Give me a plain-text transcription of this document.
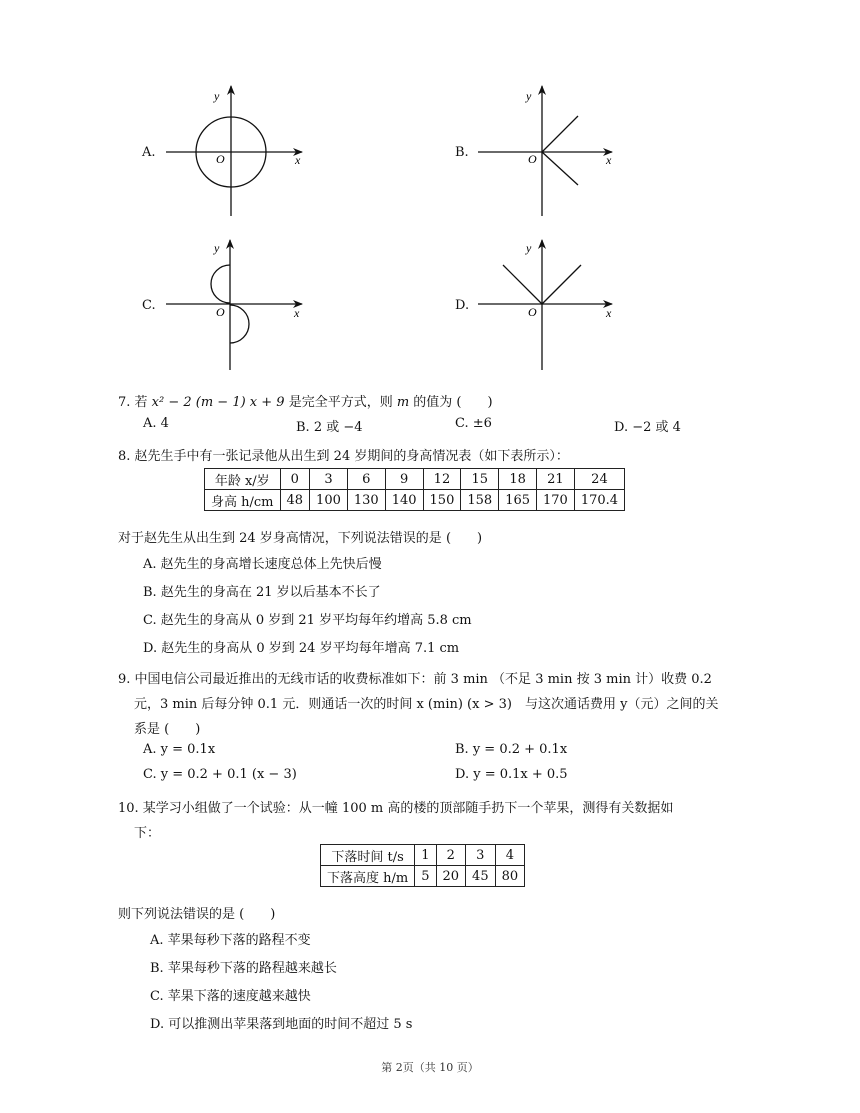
A.
y
O	x	B.
y
O	x
C.
y
O	x	D.
y
O	x
7. 若 x² − 2 (m − 1) x + 9 是完全平方式，则 m 的值为 (　　)
A. 4	B. 2 或 −4	C. ±6	D. −2 或 4
8. 赵先生手中有一张记录他从出生到 24 岁期间的身高情况表（如下表所示）：
年龄 x/岁	0	3	6	9	12	15	18	21	24
身高 h/cm	48	100	130	140	150	158	165	170	170.4
对于赵先生从出生到 24 岁身高情况，下列说法错误的是 (　　)
A. 赵先生的身高增长速度总体上先快后慢
B. 赵先生的身高在 21 岁以后基本不长了
C. 赵先生的身高从 0 岁到 21 岁平均每年约增高 5.8 cm
D. 赵先生的身高从 0 岁到 24 岁平均每年增高 7.1 cm
9. 中国电信公司最近推出的无线市话的收费标准如下：前 3 min （不足 3 min 按 3 min 计）收费 0.2
元，3 min 后每分钟 0.1 元．则通话一次的时间 x (min) (x > 3)　与这次通话费用 y（元）之间的关
系是 (　　)
A. y = 0.1x	B. y = 0.2 + 0.1x
C. y = 0.2 + 0.1 (x − 3)	D. y = 0.1x + 0.5
10. 某学习小组做了一个试验：从一幢 100 m 高的楼的顶部随手扔下一个苹果，测得有关数据如
下：
下落时间 t/s	1	2	3	4
下落高度 h/m	5	20	45	80
则下列说法错误的是 (　　)
A. 苹果每秒下落的路程不变
B. 苹果每秒下落的路程越来越长
C. 苹果下落的速度越来越快
D. 可以推测出苹果落到地面的时间不超过 5 s
第 2页（共 10 页）
